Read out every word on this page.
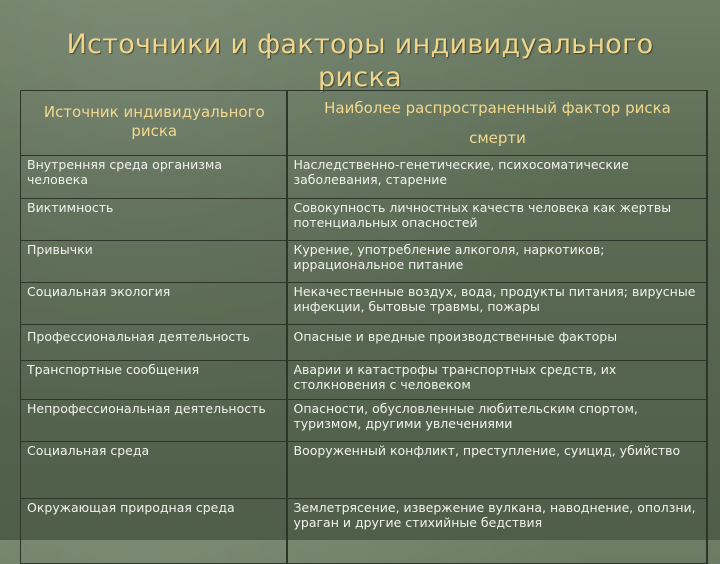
Источники и факторы индивидуального риска
Источник индивидуального риска	Наиболее распространенный фактор риска смерти
Внутренняя среда организма человека	Наследственно-генетические, психосоматические заболевания, старение
Виктимность	Совокупность личностных качеств человека как жертвы потенциальных опасностей
Привычки	Курение, употребление алкоголя, наркотиков; иррациональное питание
Социальная экология	Некачественные воздух, вода, продукты питания; вирусные инфекции, бытовые травмы, пожары
Профессиональная деятельность	Опасные и вредные производственные факторы
Транспортные сообщения	Аварии и катастрофы транспортных средств, их столкновения с человеком
Непрофессиональная деятельность	Опасности, обусловленные любительским спортом, туризмом, другими увлечениями
Социальная среда	Вооруженный конфликт, преступление, суицид, убийство
Окружающая природная среда	Землетрясение, извержение вулкана, наводнение, оползни, ураган и другие стихийные бедствия
